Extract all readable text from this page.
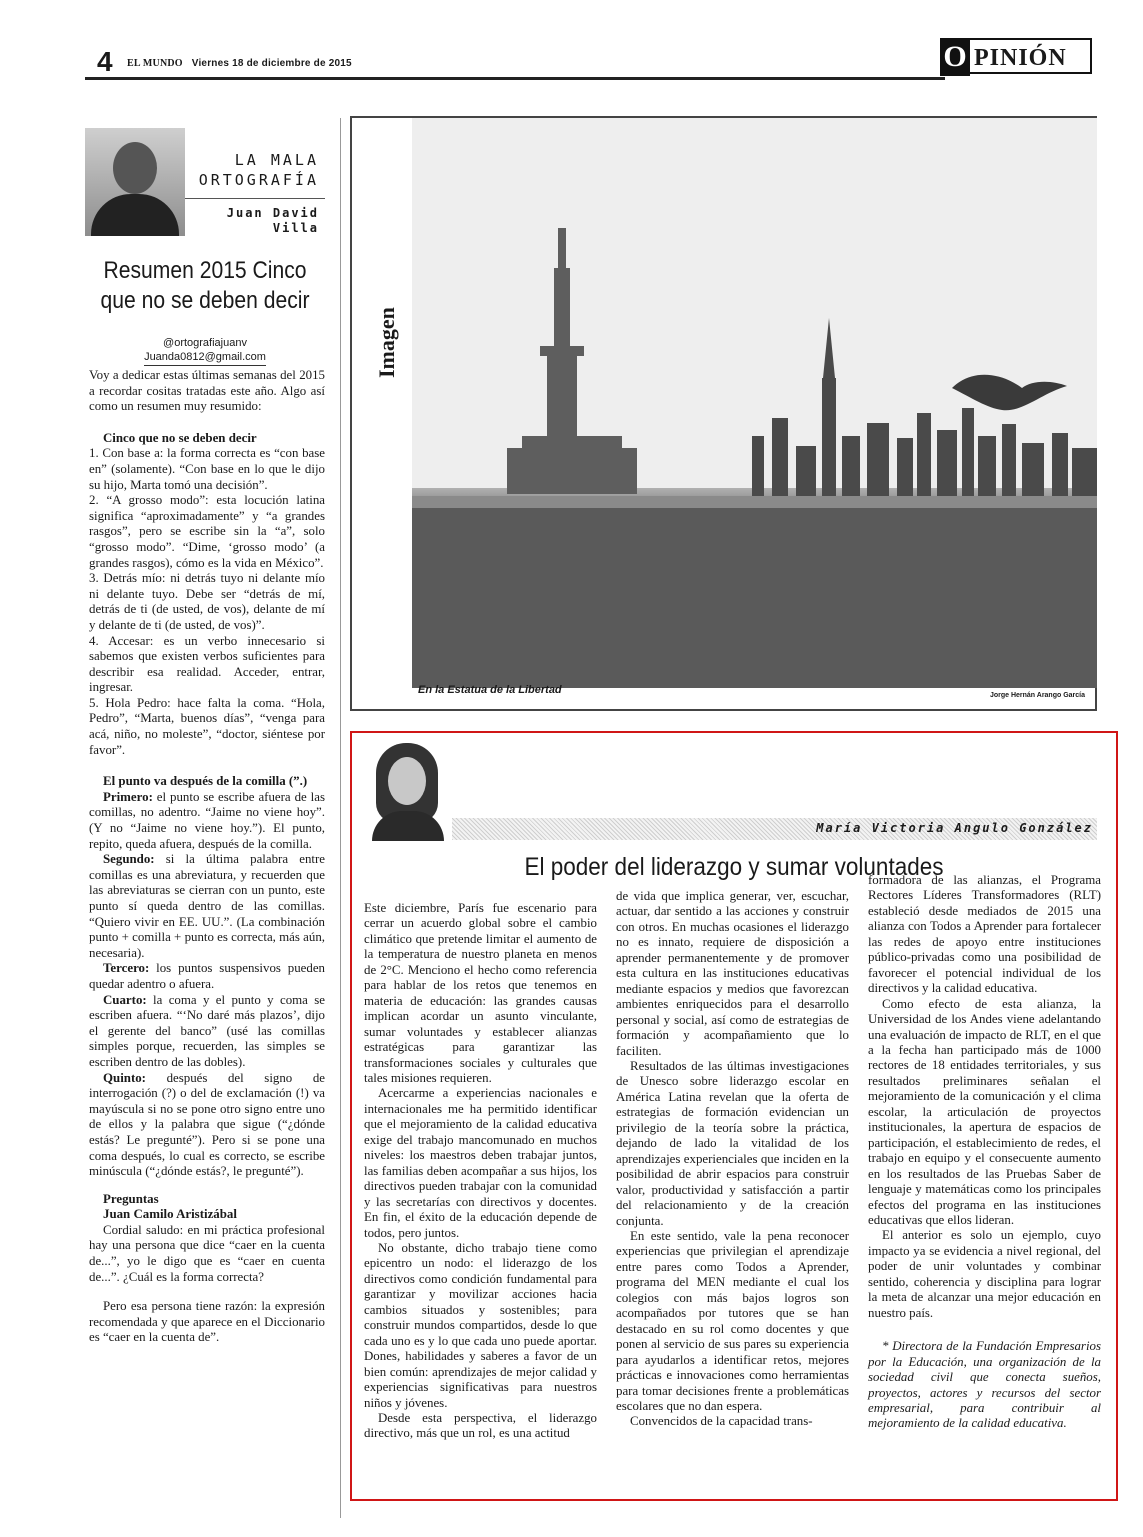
4 EL MUNDO Viernes 18 de diciembre de 2015	O PINIÓN
LA MALA
ORTOGRAFÍA
Juan David
Villa
Resumen 2015 Cinco
que no se deben decir
@ortografiajuanv
Juanda0812@gmail.com

Voy a dedicar estas últimas semanas del 2015 a recordar cositas tratadas este año. Algo así como un resumen muy resumido:

Cinco que no se deben decir

1. Con base a: la forma correcta es “con base en” (solamente). “Con base en lo que le dijo su hijo, Marta tomó una decisión”.

2. “A grosso modo”: esta locución latina significa “aproximadamente” y “a grandes rasgos”, pero se escribe sin la “a”, solo “grosso modo”. “Dime, ‘grosso modo’ (a grandes rasgos), cómo es la vida en México”.

3. Detrás mío: ni detrás tuyo ni delante mío ni delante tuyo. Debe ser “detrás de mí, detrás de ti (de usted, de vos), delante de mí y delante de ti (de usted, de vos)”.

4. Accesar: es un verbo innecesario si sabemos que existen verbos suficientes para describir esa realidad. Acceder, entrar, ingresar.

5. Hola Pedro: hace falta la coma. “Hola, Pedro”, “Marta, buenos días”, “venga para acá, niño, no moleste”, “doctor, siéntese por favor”.

El punto va después de la comilla (”.)

Primero: el punto se escribe afuera de las comillas, no adentro. “Jaime no viene hoy”. (Y no “Jaime no viene hoy.”). El punto, repito, queda afuera, después de la comilla.

Segundo: si la última palabra entre comillas es una abreviatura, y recuerden que las abreviaturas se cierran con un punto, este punto sí queda dentro de las comillas. “Quiero vivir en EE. UU.”. (La combinación punto + comilla + punto es correcta, más aún, necesaria).

Tercero: los puntos suspensivos pueden quedar adentro o afuera.

Cuarto: la coma y el punto y coma se escriben afuera. “‘No daré más plazos’, dijo el gerente del banco” (usé las comillas simples porque, recuerden, las simples se escriben dentro de las dobles).

Quinto: después del signo de interrogación (?) o del de exclamación (!) va mayúscula si no se pone otro signo entre uno de ellos y la palabra que sigue (“¿dónde estás? Le pregunté”). Pero si se pone una coma después, lo cual es correcto, se escribe minúscula (“¿dónde estás?, le pregunté”).

Preguntas

Juan Camilo Aristizábal

Cordial saludo: en mi práctica profesional hay una persona que dice “caer en la cuenta de...”, yo le digo que es “caer en cuenta de...”. ¿Cuál es la forma correcta?

Pero esa persona tiene razón: la expresión recomendada y que aparece en el Diccionario es “caer en la cuenta de”.

Imagen
En la Estatua de la Libertad	Jorge Hernán Arango García
María Victoria Angulo González
El poder del liderazgo y sumar voluntades

Este diciembre, París fue escenario para cerrar un acuerdo global sobre el cambio climático que pretende limitar el aumento de la temperatura de nuestro planeta en menos de 2°C. Menciono el hecho como referencia para hablar de los retos que tenemos en materia de educación: las grandes causas implican acordar un asunto vinculante, sumar voluntades y establecer alianzas estratégicas para garantizar las transformaciones sociales y culturales que tales misiones requieren.

Acercarme a experiencias nacionales e internacionales me ha permitido identificar que el mejoramiento de la calidad educativa exige del trabajo mancomunado en muchos niveles: los maestros deben trabajar juntos, las familias deben acompañar a sus hijos, los directivos pueden trabajar con la comunidad y las secretarías con directivos y docentes. En fin, el éxito de la educación depende de todos, pero juntos.

No obstante, dicho trabajo tiene como epicentro un nodo: el liderazgo de los directivos como condición fundamental para garantizar y movilizar acciones hacia cambios situados y sostenibles; para construir mundos compartidos, desde lo que cada uno es y lo que cada uno puede aportar. Dones, habilidades y saberes a favor de un bien común: aprendizajes de mejor calidad y experiencias significativas para nuestros niños y jóvenes.

Desde esta perspectiva, el liderazgo directivo, más que un rol, es una actitud

de vida que implica generar, ver, escuchar, actuar, dar sentido a las acciones y construir con otros. En muchas ocasiones el liderazgo no es innato, requiere de disposición a aprender permanentemente y de promover esta cultura en las instituciones educativas mediante espacios y medios que favorezcan ambientes enriquecidos para el desarrollo personal y social, así como de estrategias de formación y acompañamiento que lo faciliten.

Resultados de las últimas investigaciones de Unesco sobre liderazgo escolar en América Latina revelan que la oferta de estrategias de formación evidencian un privilegio de la teoría sobre la práctica, dejando de lado la vitalidad de los aprendizajes experienciales que inciden en la posibilidad de abrir espacios para construir valor, productividad y satisfacción a partir del relacionamiento y de la creación conjunta.

En este sentido, vale la pena reconocer experiencias que privilegian el aprendizaje entre pares como Todos a Aprender, programa del MEN mediante el cual los colegios con más bajos logros son acompañados por tutores que se han destacado en su rol como docentes y que ponen al servicio de sus pares su experiencia para ayudarlos a identificar retos, mejores prácticas e innovaciones como herramientas para tomar decisiones frente a problemáticas escolares que no dan espera.

Convencidos de la capacidad trans-

formadora de las alianzas, el Programa Rectores Líderes Transformadores (RLT) estableció desde mediados de 2015 una alianza con Todos a Aprender para fortalecer las redes de apoyo entre instituciones público-privadas como una posibilidad de favorecer el potencial individual de los directivos y la calidad educativa.

Como efecto de esta alianza, la Universidad de los Andes viene adelantando una evaluación de impacto de RLT, en el que a la fecha han participado más de 1000 rectores de 18 entidades territoriales, y sus resultados preliminares señalan el mejoramiento de la comunicación y el clima escolar, la articulación de proyectos institucionales, la apertura de espacios de participación, el establecimiento de redes, el trabajo en equipo y el consecuente aumento en los resultados de las Pruebas Saber de lenguaje y matemáticas como los principales efectos del programa en las instituciones educativas que ellos lideran.

El anterior es solo un ejemplo, cuyo impacto ya se evidencia a nivel regional, del poder de unir voluntades y combinar sentido, coherencia y disciplina para lograr la meta de alcanzar una mejor educación en nuestro país.

* Directora de la Fundación Empresarios por la Educación, una organización de la sociedad civil que conecta sueños, proyectos, actores y recursos del sector empresarial, para contribuir al mejoramiento de la calidad educativa.
